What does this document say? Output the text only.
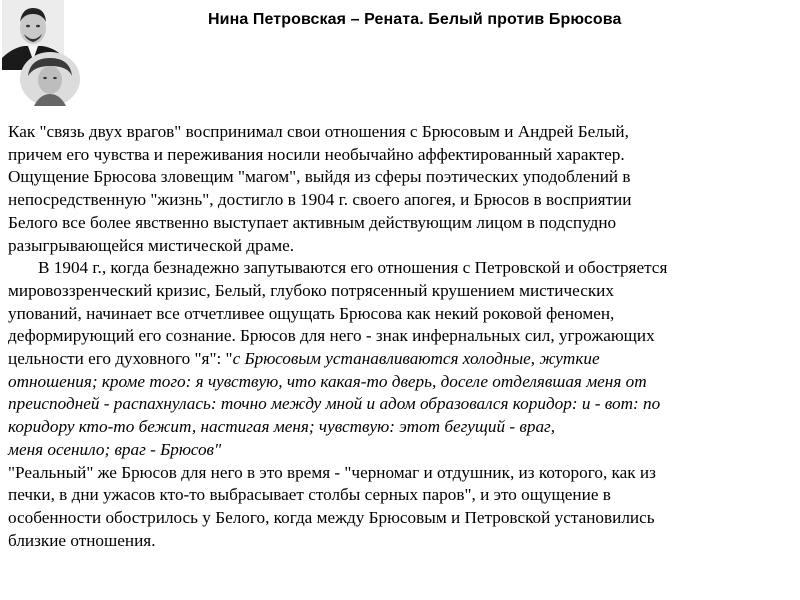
Нина Петровская – Рената. Белый против Брюсова
Как "связь двух врагов" воспринимал свои отношения с Брюсовым и Андрей Белый,
причем его чувства и переживания носили необычайно аффектированный характер.
Ощущение Брюсова зловещим "магом", выйдя из сферы поэтических уподоблений в
непосредственную "жизнь", достигло в 1904 г. своего апогея, и Брюсов в восприятии
Белого все более явственно выступает активным действующим лицом в подспудно
разыгрывающейся мистической драме.
В 1904 г., когда безнадежно запутываются его отношения с Петровской и обостряется
мировоззренческий кризис, Белый, глубоко потрясенный крушением мистических
упований, начинает все отчетливее ощущать Брюсова как некий роковой феномен,
деформирующий его сознание. Брюсов для него - знак инфернальных сил, угрожающих
цельности его духовного "я": "с Брюсовым устанавливаются холодные, жуткие
отношения; кроме того: я чувствую, что какая-то дверь, доселе отделявшая меня от
преисподней - распахнулась: точно между мной и адом образовался коридор: и - вот: по
коридору кто-то бежит, настигая меня; чувствую: этот бегущий - враг,
меня осенило; враг - Брюсов"
"Реальный" же Брюсов для него в это время - "черномаг и отдушник, из которого, как из
печки, в дни ужасов кто-то выбрасывает столбы серных паров", и это ощущение в
особенности обострилось у Белого, когда между Брюсовым и Петровской установились
близкие отношения.
